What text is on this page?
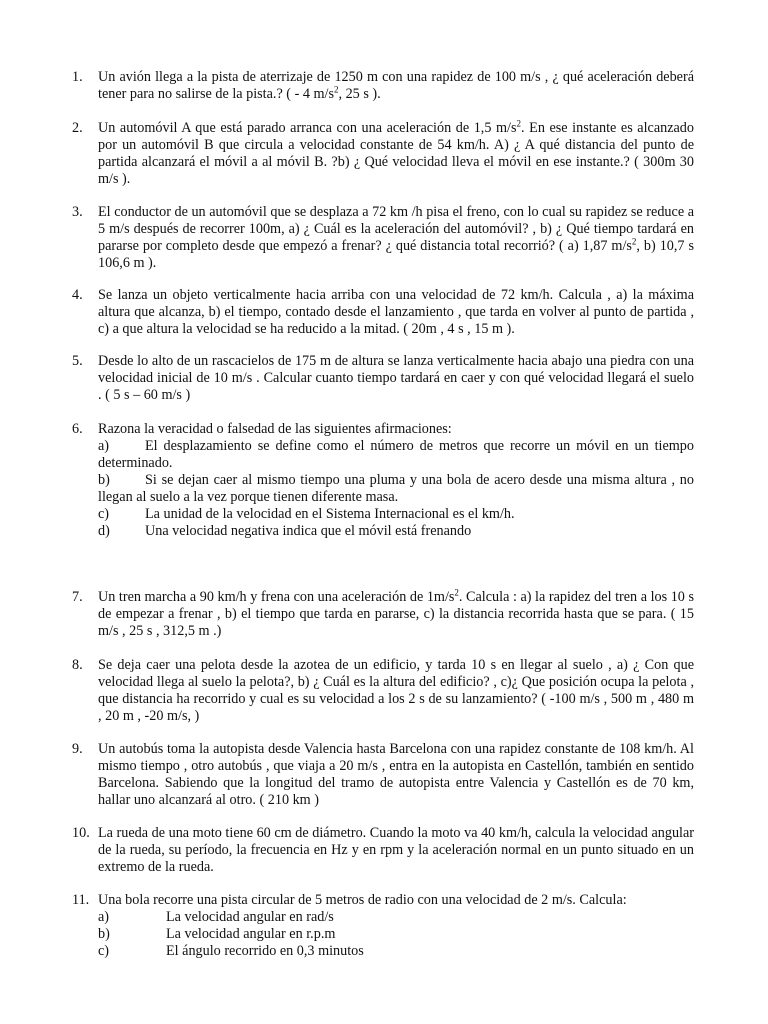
1.	Un avión llega a la pista de aterrizaje de 1250 m con una rapidez de 100 m/s , ¿ qué aceleración deberá tener para no salirse de la pista.? ( - 4 $m/s^2$, 25 s ).
2.	Un automóvil A que está parado arranca con una aceleración de 1,5 $m/s^2$. En ese instante es alcanzado por un automóvil B que circula a velocidad constante de 54 km/h. A) ¿ A qué distancia del punto de partida alcanzará el móvil a al móvil B. ?b) ¿ Qué velocidad lleva el móvil en ese instante.? ( 300m 30 m/s ).
3.	El conductor de un automóvil que se desplaza a 72 km /h pisa el freno, con lo cual su rapidez se reduce a 5 m/s después de recorrer 100m, a) ¿ Cuál es la aceleración del automóvil? , b) ¿ Qué tiempo tardará en pararse por completo desde que empezó a frenar? ¿ qué distancia total recorrió? ( a) 1,87 $m/s^2$, b) 10,7 s 106,6 m ).
4.	Se lanza un objeto verticalmente hacia arriba con una velocidad de 72 km/h. Calcula , a) la máxima altura que alcanza, b) el tiempo, contado desde el lanzamiento , que tarda en volver al punto de partida , c) a que altura la velocidad se ha reducido a la mitad. ( 20m , 4 s , 15 m ).
5.	Desde lo alto de un rascacielos de 175 m de altura se lanza verticalmente hacia abajo una piedra con una velocidad inicial de 10 m/s . Calcular cuanto tiempo tardará en caer y con qué velocidad llegará el suelo . ( 5 s – 60 m/s )
6.	Razona la veracidad o falsedad de las siguientes afirmaciones:
a)	El desplazamiento se define como el número de metros que recorre un móvil en un tiempo determinado.
b)	Si se dejan caer al mismo tiempo una pluma y una bola de acero desde una misma altura , no llegan al suelo a la vez porque tienen diferente masa.
c)	La unidad de la velocidad en el Sistema Internacional es el km/h.
d)	Una velocidad negativa indica que el móvil está frenando
7.	Un tren marcha a 90 km/h y frena con una aceleración de $1m/s^2$. Calcula : a) la rapidez del tren a los 10 s de empezar a frenar , b) el tiempo que tarda en pararse, c) la distancia recorrida hasta que se para. ( 15 m/s , 25 s , 312,5 m .)
8.	Se deja caer una pelota desde la azotea de un edificio, y tarda 10 s en llegar al suelo , a) ¿ Con que velocidad llega al suelo la pelota?, b) ¿ Cuál es la altura del edificio? , c)¿ Que posición ocupa la pelota , que distancia ha recorrido y cual es su velocidad a los 2 s de su lanzamiento? ( -100 m/s , 500 m , 480 m , 20 m , -20 m/s, )
9.	Un autobús toma la autopista desde Valencia hasta Barcelona con una rapidez constante de 108 km/h. Al mismo tiempo , otro autobús , que viaja a 20 m/s , entra en la autopista en Castellón, también en sentido Barcelona. Sabiendo que la longitud del tramo de autopista entre Valencia y Castellón es de 70 km, hallar uno alcanzará al otro. ( 210 km )
10. La rueda de una moto tiene 60 cm de diámetro. Cuando la moto va 40 km/h, calcula la velocidad angular de la rueda, su período, la frecuencia en Hz y en rpm y la aceleración normal en un punto situado en un extremo de la rueda.
11. Una bola recorre una pista circular de 5 metros de radio con una velocidad de 2 m/s. Calcula:
a)	La velocidad angular en rad/s
b)	La velocidad angular en r.p.m
c)	El ángulo recorrido en 0,3 minutos
